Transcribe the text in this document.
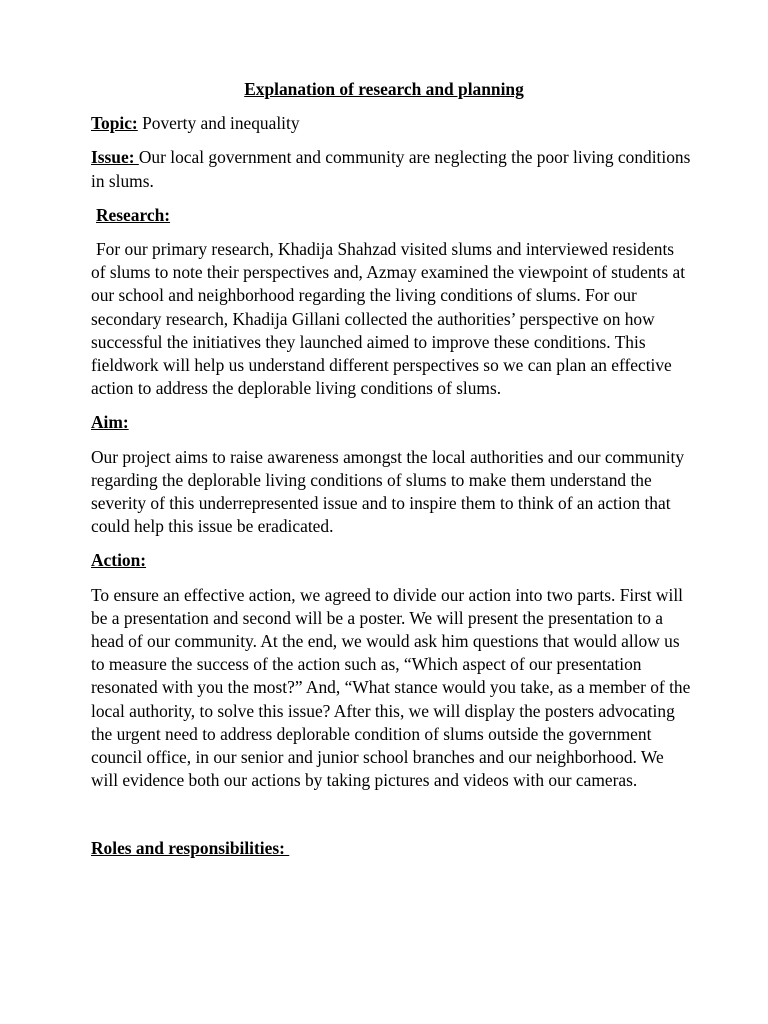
Explanation of research and planning
Topic: Poverty and inequality
Issue: Our local government and community are neglecting the poor living conditions in slums.
Research:
For our primary research, Khadija Shahzad visited slums and interviewed residents of slums to note their perspectives and, Azmay examined the viewpoint of students at our school and neighborhood regarding the living conditions of slums. For our secondary research, Khadija Gillani collected the authorities’ perspective on how successful the initiatives they launched aimed to improve these conditions. This fieldwork will help us understand different perspectives so we can plan an effective action to address the deplorable living conditions of slums.
Aim:
Our project aims to raise awareness amongst the local authorities and our community regarding the deplorable living conditions of slums to make them understand the severity of this underrepresented issue and to inspire them to think of an action that could help this issue be eradicated.
Action:
To ensure an effective action, we agreed to divide our action into two parts. First will be a presentation and second will be a poster. We will present the presentation to a head of our community. At the end, we would ask him questions that would allow us to measure the success of the action such as, “Which aspect of our presentation resonated with you the most?” And, “What stance would you take, as a member of the local authority, to solve this issue? After this, we will display the posters advocating the urgent need to address deplorable condition of slums outside the government council office, in our senior and junior school branches and our neighborhood. We will evidence both our actions by taking pictures and videos with our cameras.
Roles and responsibilities:
